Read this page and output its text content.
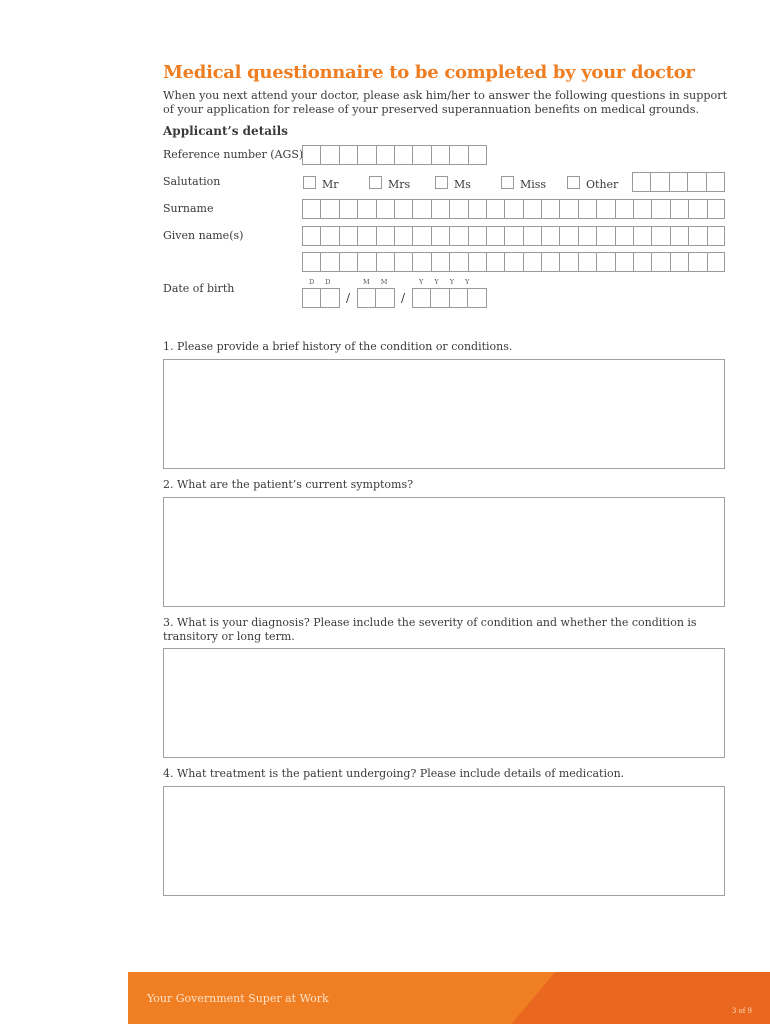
Medical questionnaire to be completed by your doctor
When you next attend your doctor, please ask him/her to answer the following questions in support of your application for release of your preserved superannuation benefits on medical grounds.
Applicant’s details
Reference number (AGS)
Salutation	Mr	Mrs	Ms	Miss	Other
Surname
Given name(s)
Date of birth	D D	M M	Y Y Y Y
/	/
1. Please provide a brief history of the condition or conditions.
2. What are the patient’s current symptoms?
3. What is your diagnosis? Please include the severity of condition and whether the condition is transitory or long term.
4. What treatment is the patient undergoing? Please include details of medication.
Your Government Super at Work
3 of 9
